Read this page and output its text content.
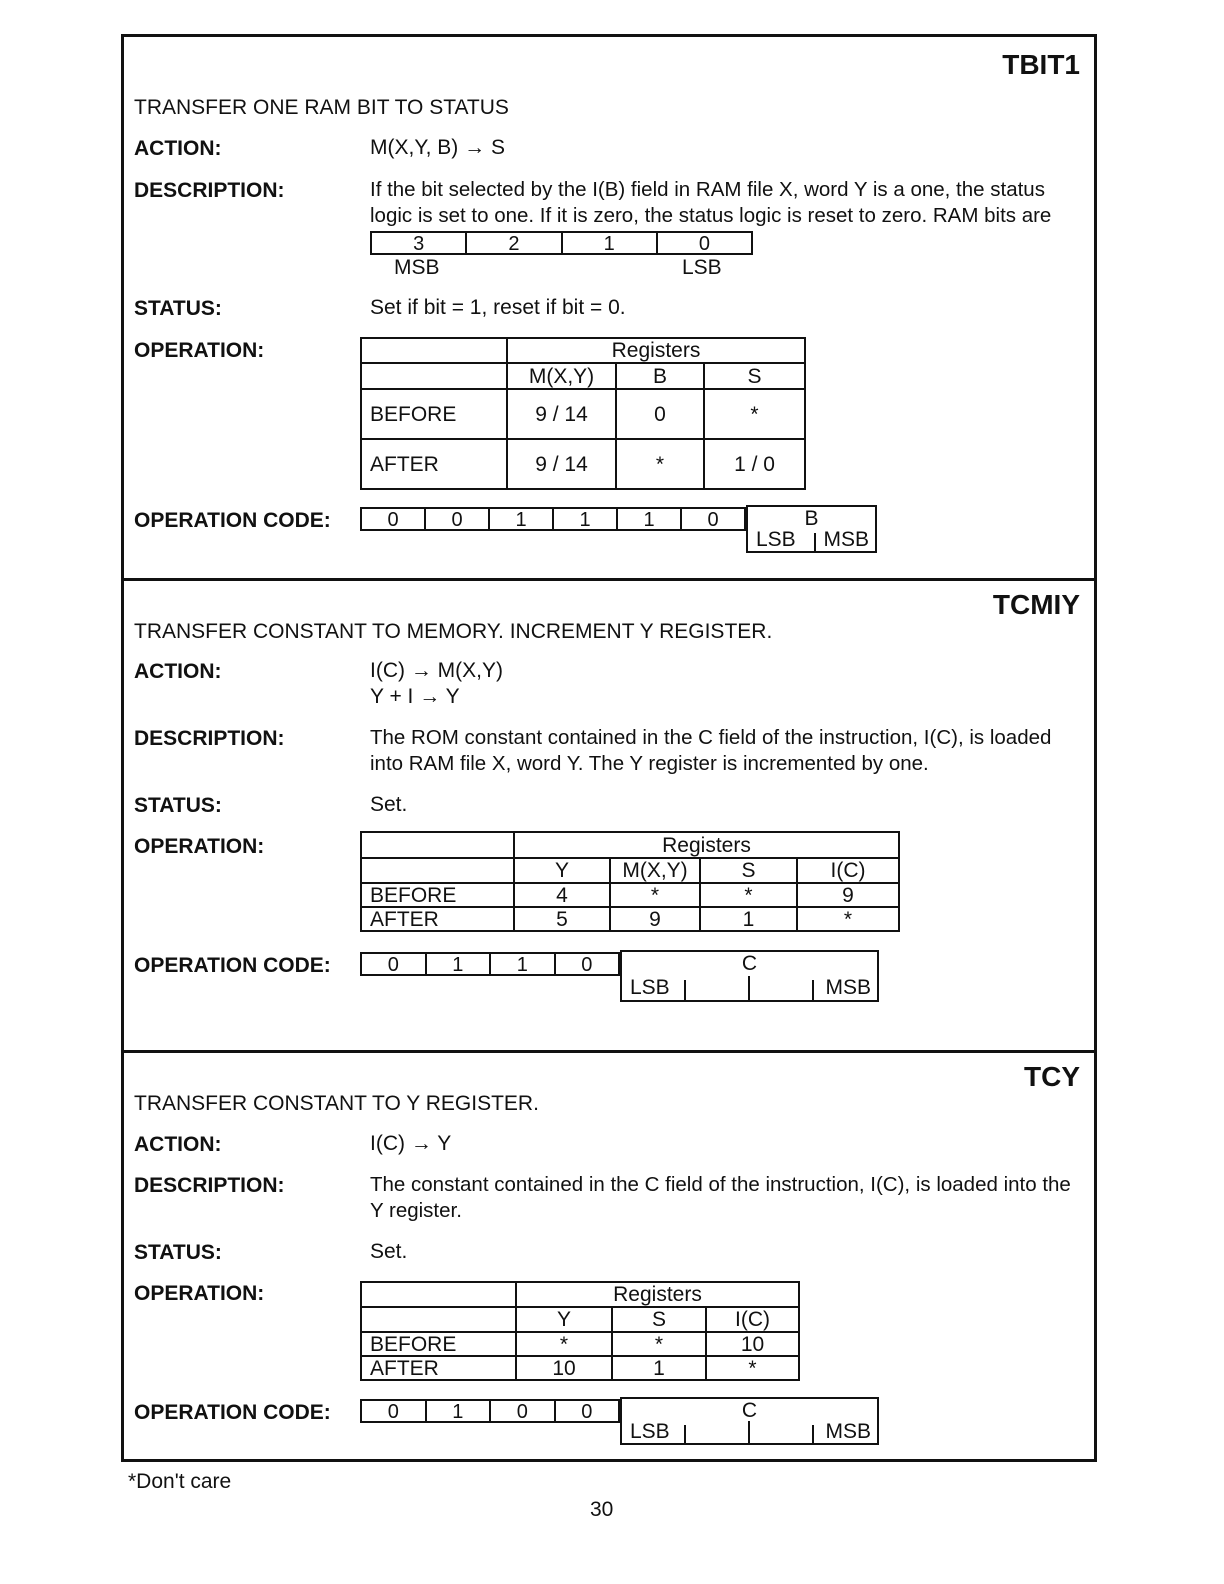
TBIT1
TRANSFER ONE RAM BIT TO STATUS
ACTION:	M(X,Y, B) → S
DESCRIPTION:	If the bit selected by the I(B) field in RAM file X, word Y is a one, the status logic is set to one. If it is zero, the status logic is reset to zero. RAM bits are
3	2	1	0
MSB	LSB
STATUS:	Set if bit = 1, reset if bit = 0.
OPERATION:
		Registers		
	M(X,Y)	B	S
BEFORE	9 / 14	0	*
AFTER	9 / 14	*	1 / 0
OPERATION CODE:	0	0	1	1	1	0	B
LSB MSB
TCMIY
TRANSFER CONSTANT TO MEMORY. INCREMENT Y REGISTER.
ACTION:	I(C) → M(X,Y)
Y + I → Y
DESCRIPTION:	The ROM constant contained in the C field of the instruction, I(C), is loaded into RAM file X, word Y. The Y register is incremented by one.
STATUS:	Set.
OPERATION:
		Registers			
	Y	M(X,Y)	S	I(C)
BEFORE	4	*	*	9
AFTER	5	9	1	*
OPERATION CODE:	0	1	1	0	C
LSB	MSB
TCY
TRANSFER CONSTANT TO Y REGISTER.
ACTION:	I(C) → Y
DESCRIPTION:	The constant contained in the C field of the instruction, I(C), is loaded into the Y register.
STATUS:	Set.
OPERATION:
		Registers		
	Y	S	I(C)
BEFORE	*	*	10
AFTER	10	1	*
OPERATION CODE:	0	1	0	0	C
LSB	MSB
*Don't care
30
